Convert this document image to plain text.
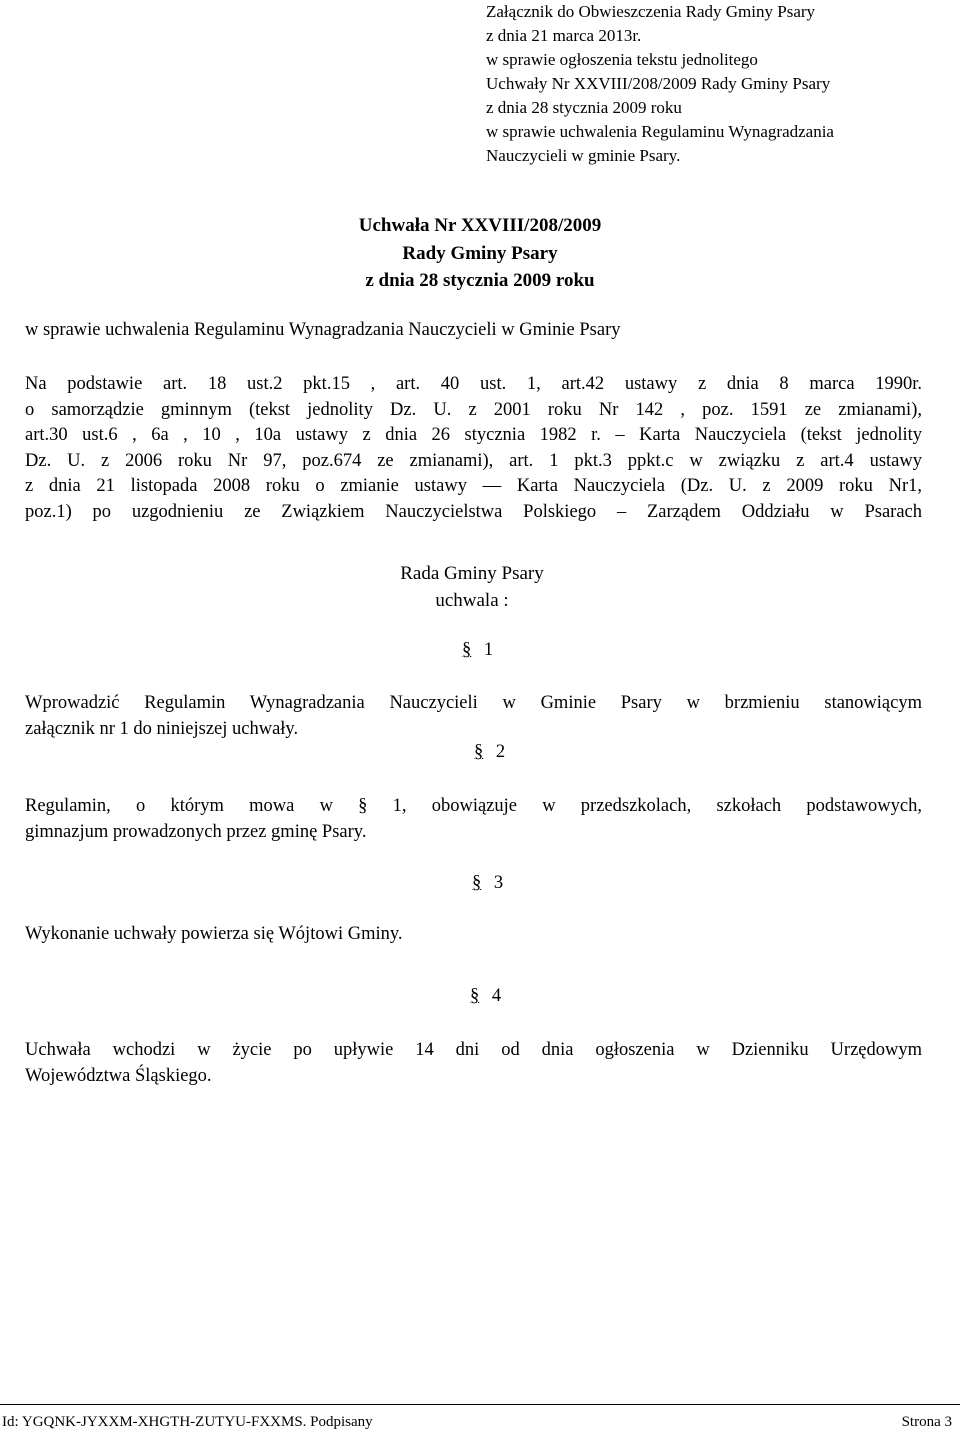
Załącznik do Obwieszczenia Rady Gminy Psary
z dnia 21 marca 2013r.
w sprawie ogłoszenia tekstu jednolitego
Uchwały Nr XXVIII/208/2009 Rady Gminy Psary
z dnia 28 stycznia 2009 roku
w sprawie uchwalenia Regulaminu Wynagradzania
Nauczycieli w gminie Psary.
Uchwała Nr XXVIII/208/2009
Rady Gminy Psary
z dnia 28 stycznia 2009 roku
w sprawie uchwalenia Regulaminu Wynagradzania Nauczycieli w Gminie Psary
Na podstawie art. 18 ust.2 pkt.15 , art. 40 ust. 1, art.42 ustawy z dnia 8 marca 1990r.
o samorządzie gminnym (tekst jednolity Dz. U. z 2001 roku Nr 142 , poz. 1591 ze zmianami),
art.30 ust.6 , 6a , 10 , 10a ustawy z dnia 26 stycznia 1982 r. – Karta Nauczyciela (tekst jednolity
Dz. U. z 2006 roku Nr 97, poz.674 ze zmianami), art. 1 pkt.3 ppkt.c w związku z art.4 ustawy
z dnia 21 listopada 2008 roku o zmianie ustawy — Karta Nauczyciela (Dz. U. z 2009 roku Nr1,
poz.1) po uzgodnieniu ze Związkiem Nauczycielstwa Polskiego – Zarządem Oddziału w Psarach
Rada Gminy Psary
uchwala :
§ 1
Wprowadzić Regulamin Wynagradzania Nauczycieli w Gminie Psary w brzmieniu stanowiącym
załącznik nr 1 do niniejszej uchwały.
§ 2
Regulamin, o którym mowa w § 1, obowiązuje w przedszkolach, szkołach podstawowych,
gimnazjum prowadzonych przez gminę Psary.
§ 3
Wykonanie uchwały powierza się Wójtowi Gminy.
§ 4
Uchwała wchodzi w życie po upływie 14 dni od dnia ogłoszenia w Dzienniku Urzędowym
Województwa Śląskiego.
Id: YGQNK-JYXXM-XHGTH-ZUTYU-FXXMS. Podpisany	Strona 3
